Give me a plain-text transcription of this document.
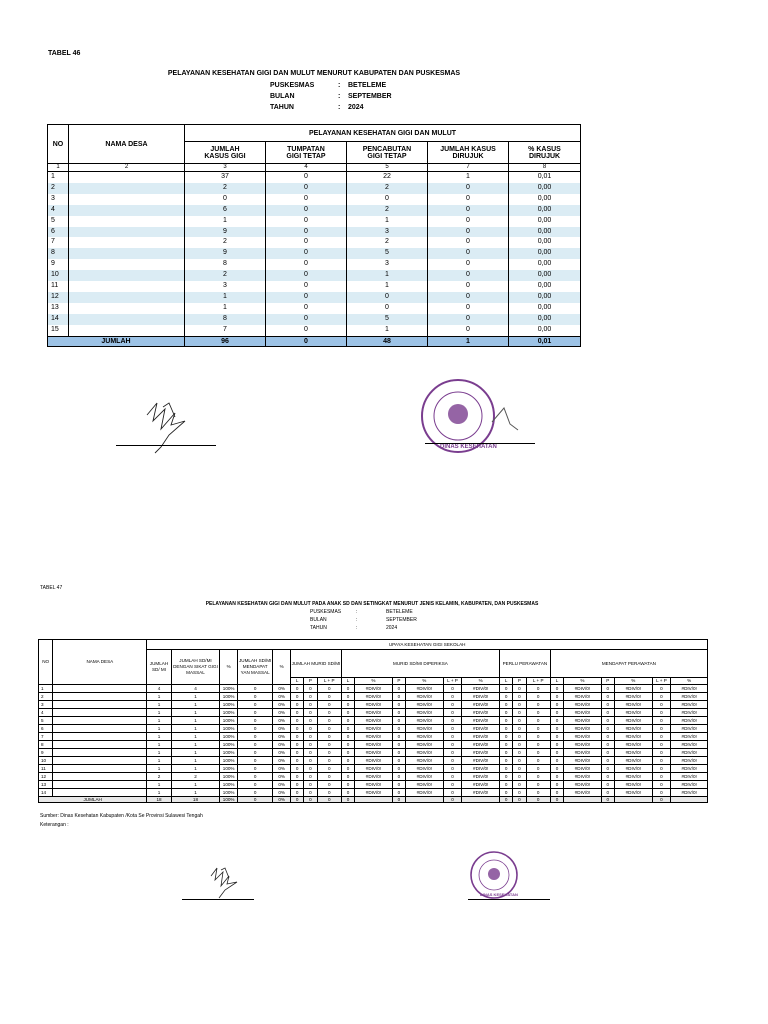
TABEL 46
PELAYANAN KESEHATAN GIGI DAN MULUT MENURUT KABUPATEN DAN PUSKESMAS
PUSKESMAS	:	BETELEME
BULAN	:	SEPTEMBER
TAHUN	:	2024
NO	NAMA DESA	PELAYANAN KESEHATAN GIGI DAN MULUT				
		JUMLAH KASUS GIGI	TUMPATAN GIGI TETAP	PENCABUTAN GIGI TETAP	JUMLAH KASUS DIRUJUK	% KASUS DIRUJUK
1	2	3	4	5	7	8
1		37	0	22	1	0,01
2		2	0	2	0	0,00
3		0	0	0	0	0,00
4		6	0	2	0	0,00
5		1	0	1	0	0,00
6		9	0	3	0	0,00
7		2	0	2	0	0,00
8		9	0	5	0	0,00
9		8	0	3	0	0,00
10		2	0	1	0	0,00
11		3	0	1	0	0,00
12		1	0	0	0	0,00
13		1	0	0	0	0,00
14		8	0	5	0	0,00
15		7	0	1	0	0,00
JUMLAH		96	0	48	1	0,01
DINAS KESEHATAN
TABEL 47
PELAYANAN KESEHATAN GIGI DAN MULUT PADA ANAK SD DAN SETINGKAT MENURUT JENIS KELAMIN, KABUPATEN, DAN PUSKESMAS
PUSKESMAS	:	BETELEME
BULAN	:	SEPTEMBER
TAHUN	:	2024
NO	NAMA DESA	UPAYA KESEHATAN GIGI SEKOLAH																						
		JUMLAH SD/ MI	JUMLAH SD/MI DENGAN SIKAT GIGI MASSAL	%	JUMLAH SD/MI MENDAPAT YAN MASSAL	%	JUMLAH MURID SD/MI			MURID SD/MI DIPERIKSA						PERLU PERAWATAN			MENDAPAT PERAWATAN					
							L	P	L + P	L	%	P	%	L + P	%	L	P	L + P	L	%	P	%	L + P	%
1		4	4	100%	0	0%	0	0	0	0	#DIV/0!	0	#DIV/0!	0	#DIV/0!	0	0	0	0	#DIV/0!	0	#DIV/0!	0	#DIV/0!
2		1	1	100%	0	0%	0	0	0	0	#DIV/0!	0	#DIV/0!	0	#DIV/0!	0	0	0	0	#DIV/0!	0	#DIV/0!	0	#DIV/0!
3		1	1	100%	0	0%	0	0	0	0	#DIV/0!	0	#DIV/0!	0	#DIV/0!	0	0	0	0	#DIV/0!	0	#DIV/0!	0	#DIV/0!
4		1	1	100%	0	0%	0	0	0	0	#DIV/0!	0	#DIV/0!	0	#DIV/0!	0	0	0	0	#DIV/0!	0	#DIV/0!	0	#DIV/0!
5		1	1	100%	0	0%	0	0	0	0	#DIV/0!	0	#DIV/0!	0	#DIV/0!	0	0	0	0	#DIV/0!	0	#DIV/0!	0	#DIV/0!
6		1	1	100%	0	0%	0	0	0	0	#DIV/0!	0	#DIV/0!	0	#DIV/0!	0	0	0	0	#DIV/0!	0	#DIV/0!	0	#DIV/0!
7		1	1	100%	0	0%	0	0	0	0	#DIV/0!	0	#DIV/0!	0	#DIV/0!	0	0	0	0	#DIV/0!	0	#DIV/0!	0	#DIV/0!
8		1	1	100%	0	0%	0	0	0	0	#DIV/0!	0	#DIV/0!	0	#DIV/0!	0	0	0	0	#DIV/0!	0	#DIV/0!	0	#DIV/0!
9		1	1	100%	0	0%	0	0	0	0	#DIV/0!	0	#DIV/0!	0	#DIV/0!	0	0	0	0	#DIV/0!	0	#DIV/0!	0	#DIV/0!
10		1	1	100%	0	0%	0	0	0	0	#DIV/0!	0	#DIV/0!	0	#DIV/0!	0	0	0	0	#DIV/0!	0	#DIV/0!	0	#DIV/0!
11		1	1	100%	0	0%	0	0	0	0	#DIV/0!	0	#DIV/0!	0	#DIV/0!	0	0	0	0	#DIV/0!	0	#DIV/0!	0	#DIV/0!
12		2	2	100%	0	0%	0	0	0	0	#DIV/0!	0	#DIV/0!	0	#DIV/0!	0	0	0	0	#DIV/0!	0	#DIV/0!	0	#DIV/0!
13		1	1	100%	0	0%	0	0	0	0	#DIV/0!	0	#DIV/0!	0	#DIV/0!	0	0	0	0	#DIV/0!	0	#DIV/0!	0	#DIV/0!
14		1	1	100%	0	0%	0	0	0	0	#DIV/0!	0	#DIV/0!	0	#DIV/0!	0	0	0	0	#DIV/0!	0	#DIV/0!	0	#DIV/0!
JUMLAH		18	18	100%	0	0%	0	0	0	0		0		0		0	0	0	0		0		0	
Sumber: Dinas Kesehatan Kabupaten /Kota Se Provinsi Sulawesi Tengah
Keterangan :
DINAS KESEHATAN
